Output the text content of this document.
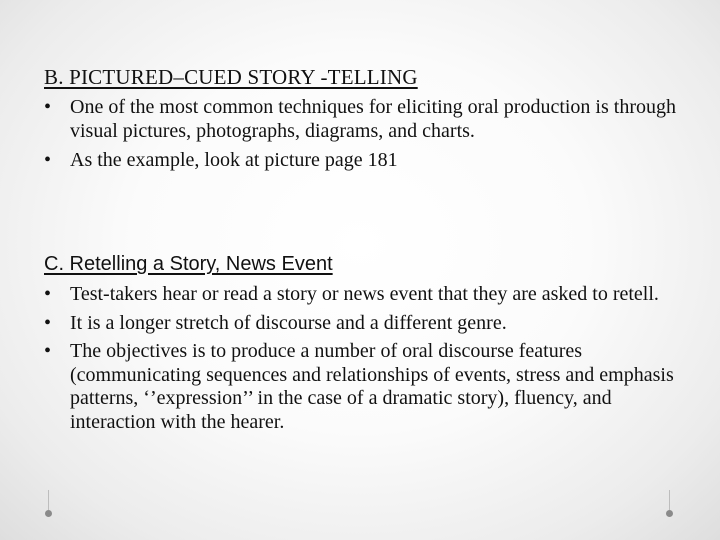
B. PICTURED–CUED STORY -TELLING
• One of the most common techniques for eliciting oral production is through visual pictures, photographs, diagrams, and charts.
• As the example, look at picture page 181
C. Retelling a Story, News Event
• Test-takers hear or read a story or news event that they are asked to retell.
• It is a longer stretch of discourse and a different genre.
• The objectives is to produce a number of oral discourse features (communicating sequences and relationships of events, stress and emphasis patterns, ‘’expression’’ in the case of a dramatic story), fluency, and interaction with the hearer.
